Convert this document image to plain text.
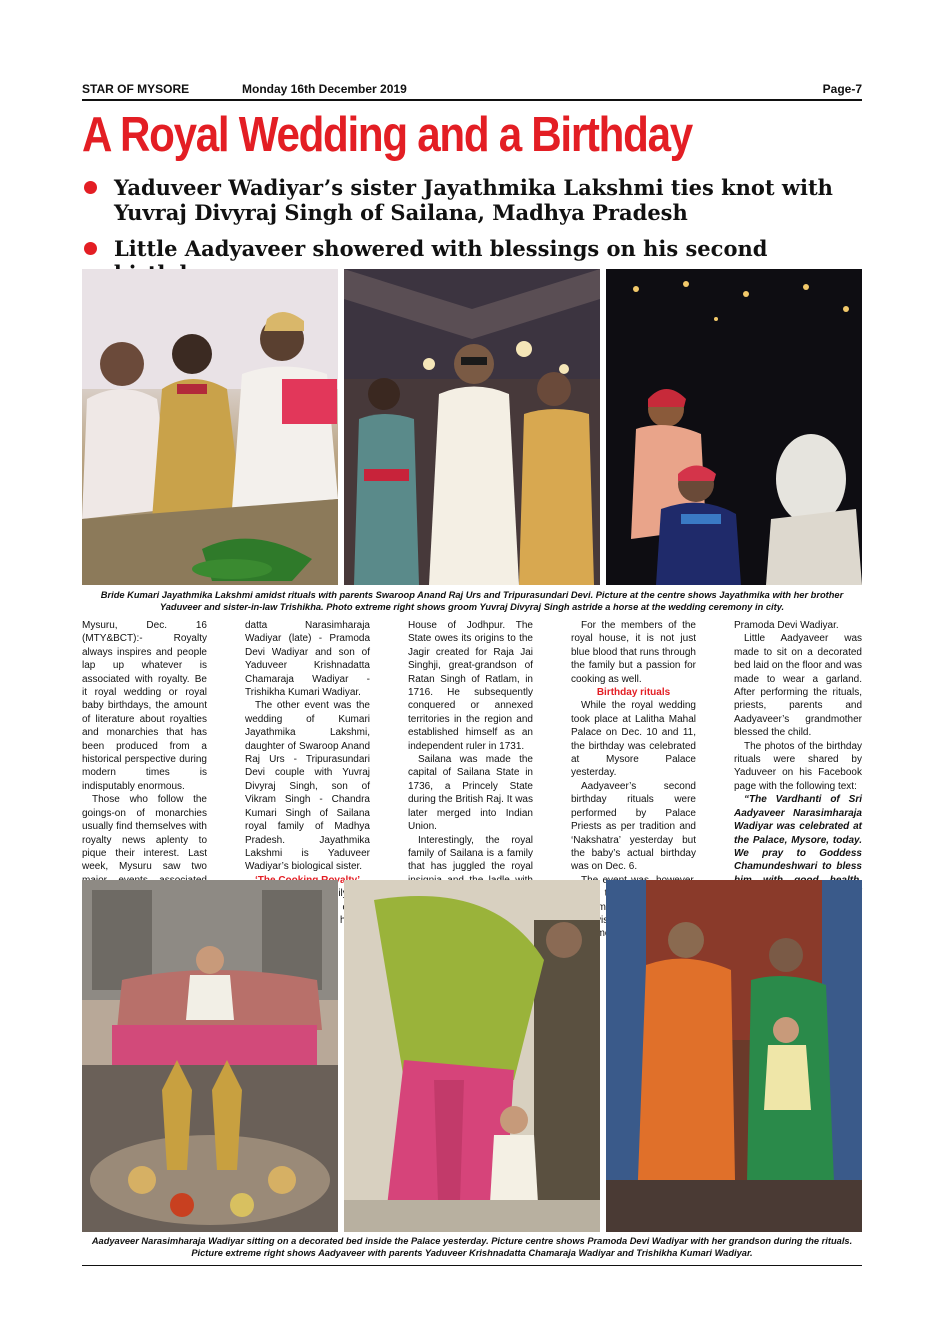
STAR OF MYSORE	Monday 16th December 2019	Page-7
A Royal Wedding and a Birthday
Yaduveer Wadiyar’s sister Jayathmika Lakshmi ties knot with Yuvraj Divyraj Singh of Sailana, Madhya Pradesh
Little Aadyaveer showered with blessings on his second
Bride Kumari Jayathmika Lakshmi amidst rituals with parents Swaroop Anand Raj Urs and Tripurasundari Devi. Picture at the centre shows Jayathmika with her brother Yaduveer and sister-in-law Trishikha. Photo extreme right shows groom Yuvraj Divyraj Singh astride a horse at the wedding ceremony in city.

Mysuru, Dec. 16 (MTY&BCT):- Royalty always inspires and people lap up whatever is associated with royalty. Be it royal wedding or royal baby birthdays, the amount of literature about royalties and monarchies that has been produced from a historical perspective during modern times is indisputably enormous.

Those who follow the goings-on of monarchies usually find themselves with royalty news aplenty to pique their interest. Last week, Mysuru saw two

datta Narasimharaja Wadiyar (late) - Pramoda Devi Wadiyar and son of Yaduveer Krishnadatta Chamaraja Wadiyar - Trishikha Kumari Wadiyar.

The other event was the wedding of Kumari Jayathmika Lakshmi, daughter of Swaroop Anand Raj Urs - Tripurasundari Devi couple with Yuvraj Divyraj Singh, son of Vikram Singh - Chandra Kumari Singh of Sailana royal family of Madhya Pradesh. Jayathmika Lakshmi is Yaduveer Wadiyar’s biological sister.

Royalty’

House of Jodhpur. The State owes its origins to the Jagir created for Raja Jai Singhji, great-grandson of Ratan Singh of Ratlam, in 1716. He subsequently conquered or annexed territories in the region and established himself as an independent ruler in 1731.

Sailana was made the capital of Sailana State in 1736, a Princely State during the British Raj. It was later merged into Indian Union.

Interestingly, the royal family of Sailana is a family that has juggled the royal

For the members of the royal house, it is not just blue blood that runs through the family but a passion for cooking as well.

Birthday rituals

While the royal wedding took place at Lalitha Mahal Palace on Dec. 10 and 11, the birthday was celebrated at Mysore Palace yesterday.

Aadyaveer’s second birthday rituals were performed by Palace Priests as per tradition and ‘Nakshatra’ yesterday but the baby’s actual birthday was on Dec. 6.

family.

Pramoda Devi Wadiyar.

Little Aadyaveer was made to sit on a decorated bed laid on the floor and was made to wear a garland. After performing the rituals, priests, parents and Aadyaveer’s grandmother blessed the child.

The photos of the birthday rituals were shared by Yaduveer on his Facebook page with the following text:

“The Vardhanti of Sri Aadyaveer Narasimharaja Wadiyar was celebrated at the Palace, Mysore, today. We pray to Goddess Chamundeshwari to bless

Aadyaveer Narasimharaja Wadiyar sitting on a decorated bed inside the Palace yesterday. Picture centre shows Pramoda Devi Wadiyar with her grandson during the rituals. Picture extreme right shows Aadyaveer with parents Yaduveer Krishnadatta Chamaraja Wadiyar and Trishikha Kumari Wadiyar.
